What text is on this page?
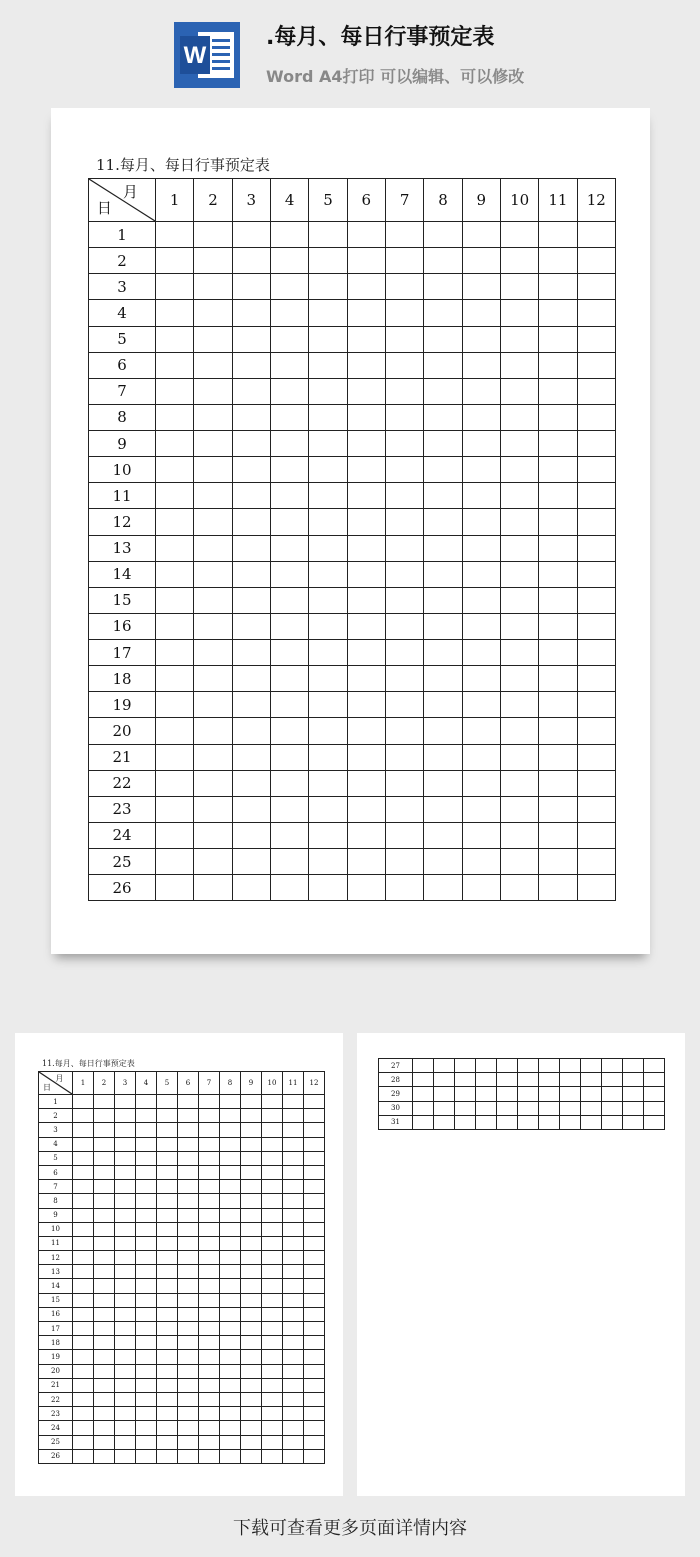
W
.每月、每日行事预定表
Word A4打印 可以编辑、可以修改
11.每月、每日行事预定表
月
日	1	2	3	4	5	6	7	8	9	10	11	12
1												
2												
3												
4												
5												
6												
7												
8												
9												
10												
11												
12												
13												
14												
15												
16												
17												
18												
19												
20												
21												
22												
23												
24												
25												
26												
11.每月、每日行事预定表
月
日	1	2	3	4	5	6	7	8	9	10	11	12
1												
2												
3												
4												
5												
6												
7												
8												
9												
10												
11												
12												
13												
14												
15												
16												
17												
18												
19												
20												
21												
22												
23												
24												
25												
26												
27												
28												
29												
30												
31												
下载可查看更多页面详情内容
